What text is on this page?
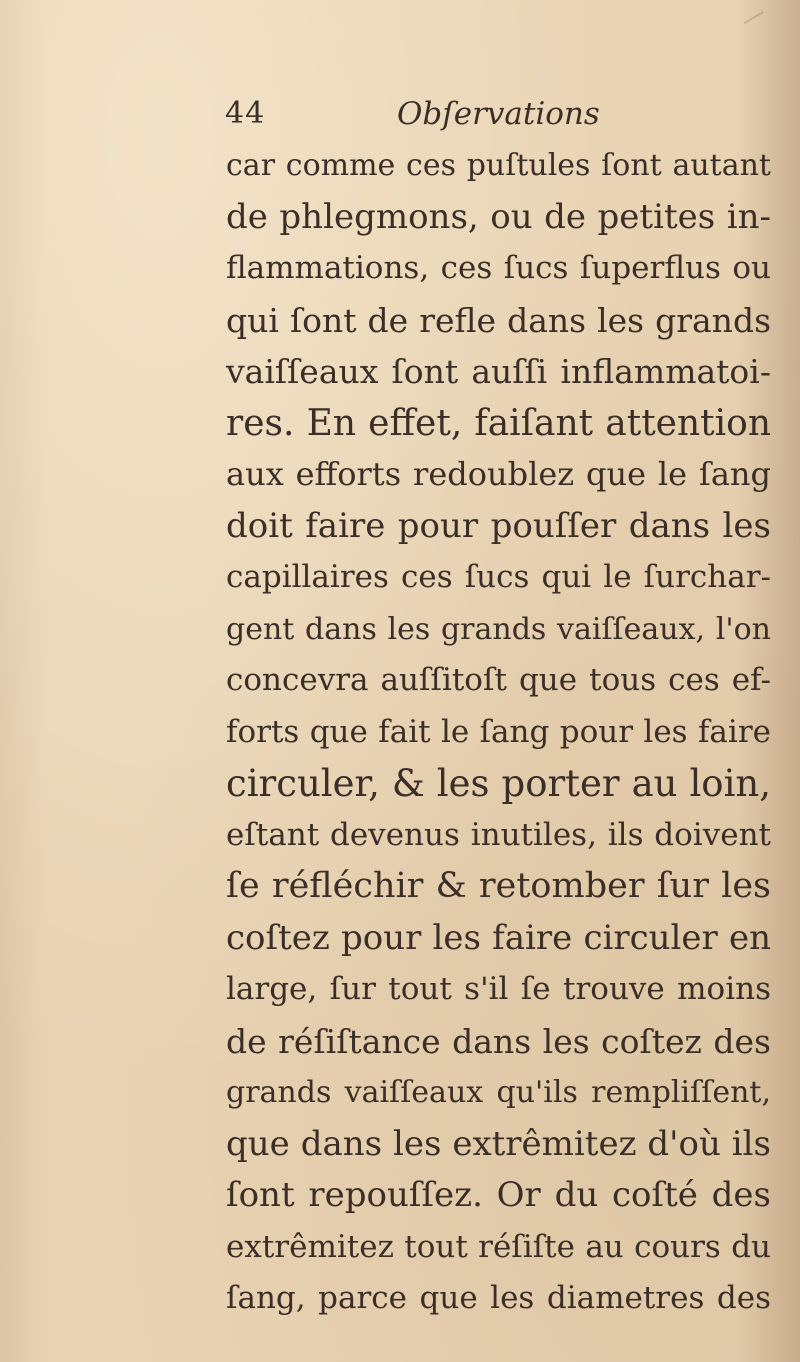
44	Obſervations
car comme ces puſtules ſont autant
de phlegmons, ou de petites in-
flammations, ces ſucs ſuperflus ou
qui ſont de refle dans les grands
vaiſſeaux ſont auſſi inflammatoi-
res. En effet, faiſant attention
aux efforts redoublez que le ſang
doit faire pour pouſſer dans les
capillaires ces ſucs qui le ſurchar-
gent dans les grands vaiſſeaux, l'on
concevra auſſitoſt que tous ces ef-
forts que fait le ſang pour les faire
circuler, & les porter au loin,
eſtant devenus inutiles, ils doivent
ſe réfléchir & retomber ſur les
coſtez pour les faire circuler en
large, ſur tout s'il ſe trouve moins
de réſiſtance dans les coſtez des
grands vaiſſeaux qu'ils rempliſſent,
que dans les extrêmitez d'où ils
ſont repouſſez. Or du coſté des
extrêmitez tout réſiſte au cours du
ſang, parce que les diametres des
